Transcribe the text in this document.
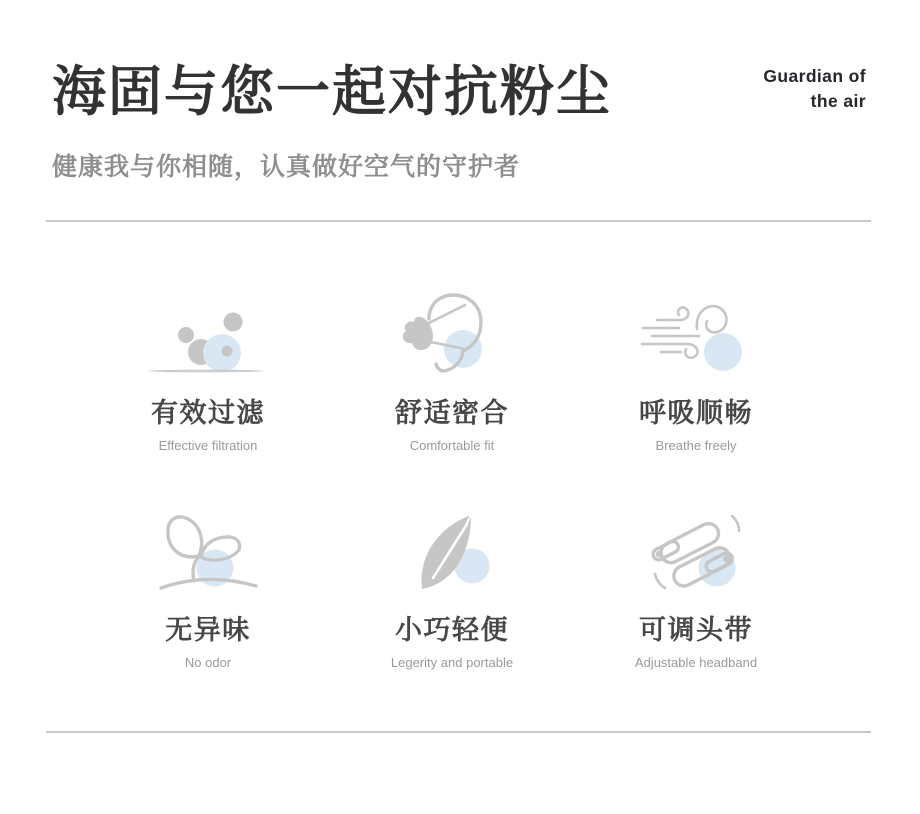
海固与您一起对抗粉尘	Guardian of
the air

健康我与你相随，认真做好空气的守护者

有效过滤
Effective filtration
舒适密合
Comfortable fit
呼吸顺畅
Breathe freely
无异味
No odor
小巧轻便
Legerity and portable
可调头带
Adjustable headband
